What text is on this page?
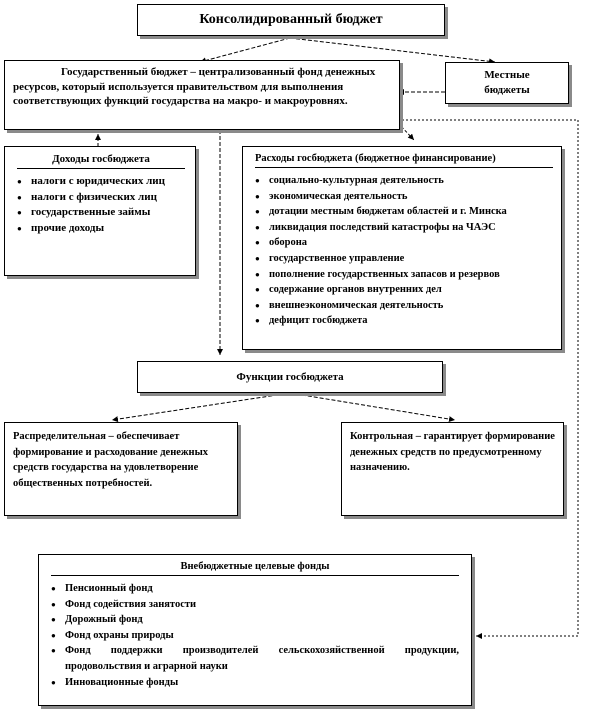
Консолидированный бюджет
Государственный бюджет – централизованный фонд денежных ресурсов, который используется правительством для выполнения соответствующих функций государства на макро- и макроуровнях.
Местные бюджеты
Доходы госбюджета
● налоги с юридических лиц
● налоги с физических лиц
● государственные займы
● прочие доходы
Расходы госбюджета (бюджетное финансирование)
● социально-культурная деятельность
● экономическая деятельность
● дотации местным бюджетам областей и г. Минска
● ликвидация последствий катастрофы на ЧАЭС
● оборона
● государственное управление
● пополнение государственных запасов и резервов
● содержание органов внутренних дел
● внешнеэкономическая деятельность
● дефицит госбюджета
Функции госбюджета
Распределительная – обеспечивает формирование и расходование денежных средств государства на удовлетворение общественных потребностей.
Контрольная – гарантирует формирование денежных средств по предусмотренному назначению.
Внебюджетные целевые фонды
● Пенсионный фонд
● Фонд содействия занятости
● Дорожный фонд
● Фонд охраны природы
● Фонд поддержки производителей сельскохозяйственной продукции, продовольствия и аграрной науки
● Инновационные фонды
